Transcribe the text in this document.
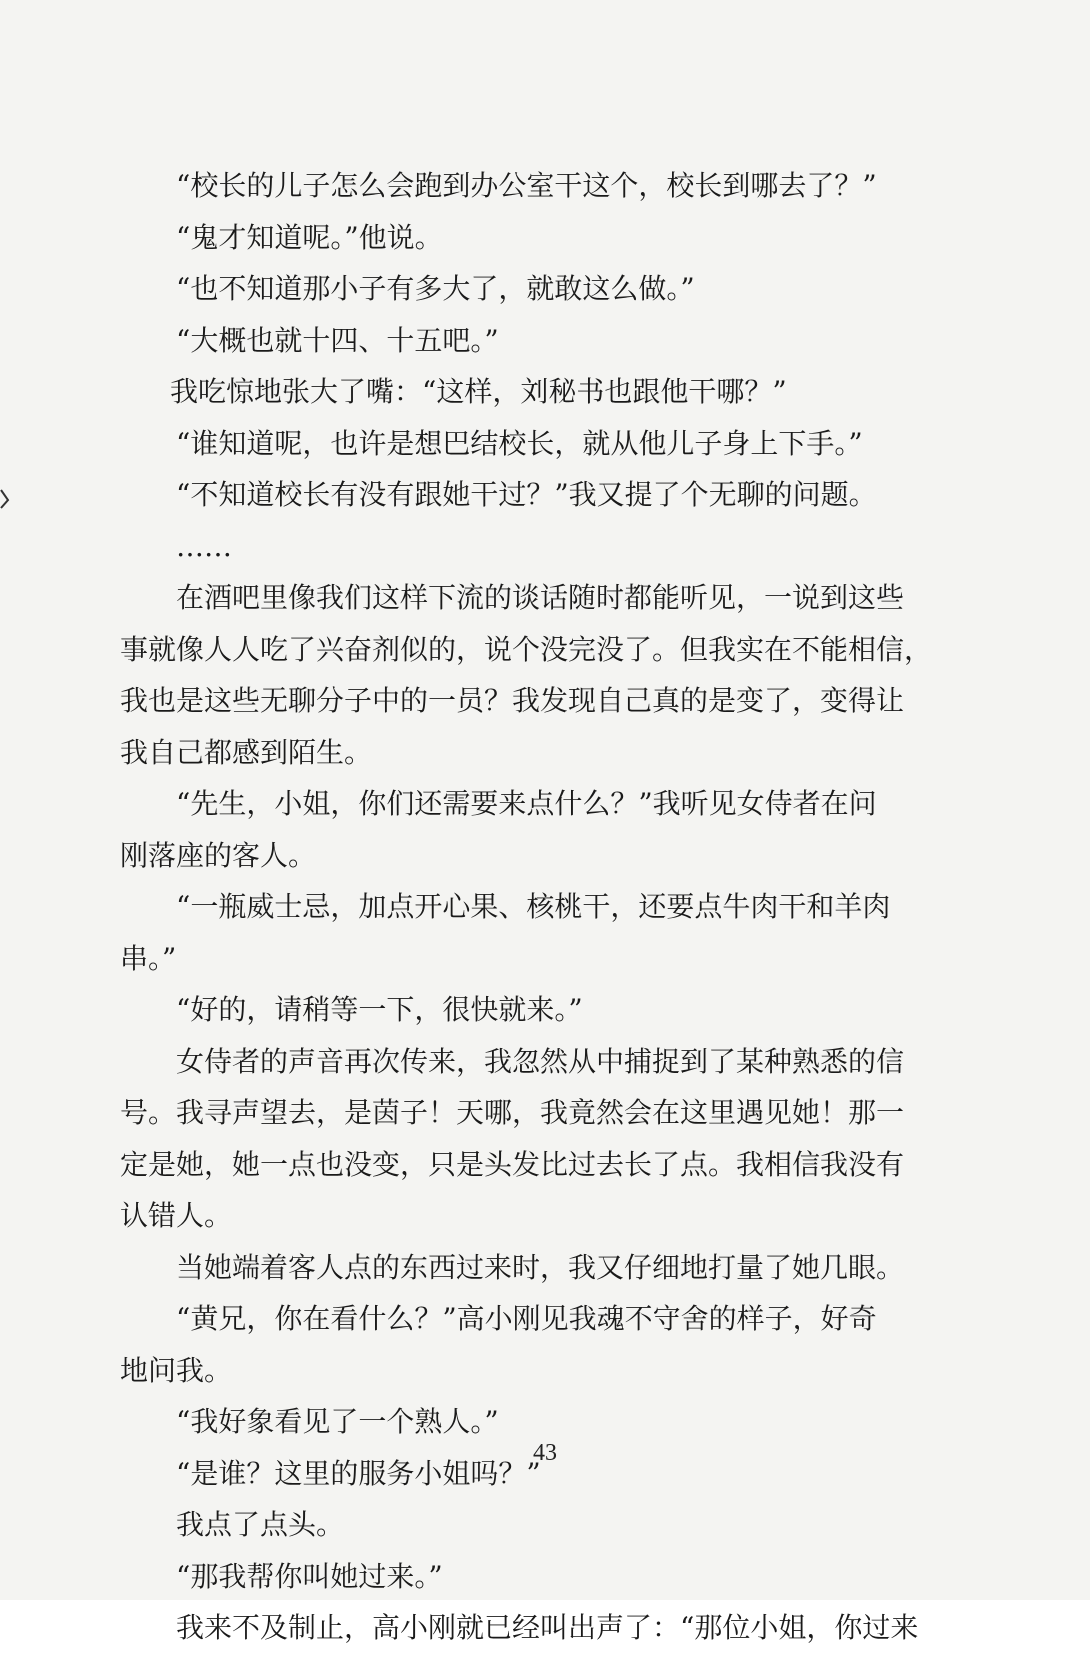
“校长的儿子怎么会跑到办公室干这个，校长到哪去了？”
“鬼才知道呢。”他说。
“也不知道那小子有多大了，就敢这么做。”
“大概也就十四、十五吧。”
我吃惊地张大了嘴：“这样，刘秘书也跟他干哪？”
“谁知道呢，也许是想巴结校长，就从他儿子身上下手。”
“不知道校长有没有跟她干过？”我又提了个无聊的问题。
……
在酒吧里像我们这样下流的谈话随时都能听见，一说到这些
事就像人人吃了兴奋剂似的，说个没完没了。但我实在不能相信，
我也是这些无聊分子中的一员？我发现自己真的是变了，变得让
我自己都感到陌生。
“先生，小姐，你们还需要来点什么？”我听见女侍者在问
刚落座的客人。
“一瓶威士忌，加点开心果、核桃干，还要点牛肉干和羊肉
串。”
“好的，请稍等一下，很快就来。”
女侍者的声音再次传来，我忽然从中捕捉到了某种熟悉的信
号。我寻声望去，是茵子！天哪，我竟然会在这里遇见她！那一
定是她，她一点也没变，只是头发比过去长了点。我相信我没有
认错人。
当她端着客人点的东西过来时，我又仔细地打量了她几眼。
“黄兄，你在看什么？”高小刚见我魂不守舍的样子，好奇
地问我。
“我好象看见了一个熟人。”
“是谁？这里的服务小姐吗？”
我点了点头。
“那我帮你叫她过来。”
我来不及制止，高小刚就已经叫出声了：“那位小姐，你过来
43
